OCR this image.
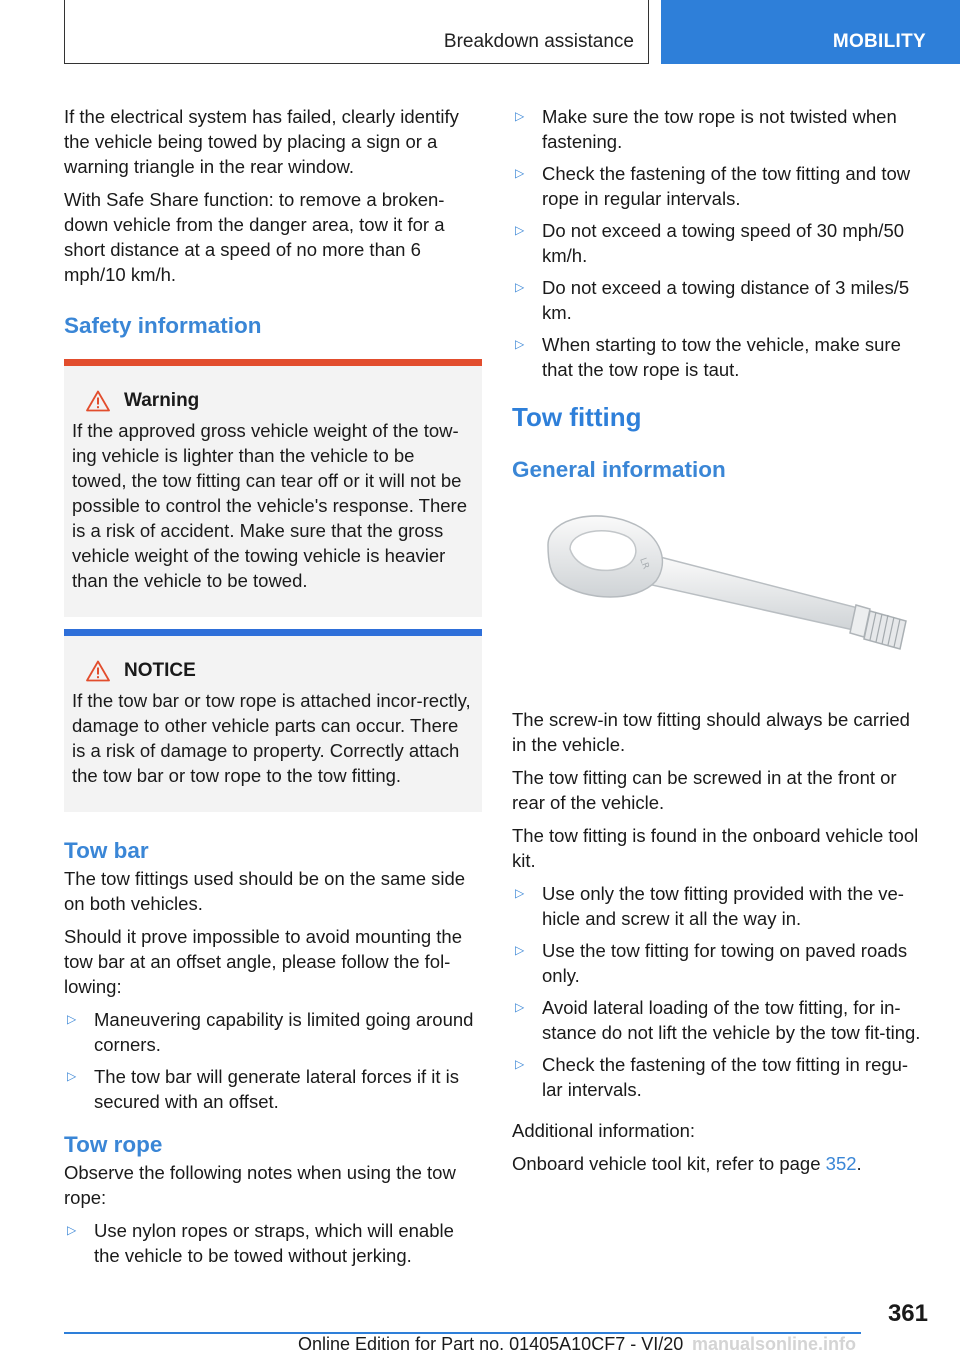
Breakdown assistance	MOBILITY

If the electrical system has failed, clearly identify the vehicle being towed by placing a sign or a warning triangle in the rear window.

With Safe Share function: to remove a broken-down vehicle from the danger area, tow it for a short distance at a speed of no more than 6 mph/10 km/h.

Safety information
Warning

If the approved gross vehicle weight of the tow-ing vehicle is lighter than the vehicle to be towed, the tow fitting can tear off or it will not be possible to control the vehicle's response. There is a risk of accident. Make sure that the gross vehicle weight of the towing vehicle is heavier than the vehicle to be towed.

NOTICE

If the tow bar or tow rope is attached incor-rectly, damage to other vehicle parts can occur. There is a risk of damage to property. Correctly attach the tow bar or tow rope to the tow fitting.

Tow bar

The tow fittings used should be on the same side on both vehicles.

Should it prove impossible to avoid mounting the tow bar at an offset angle, please follow the fol-lowing:

▷ Maneuvering capability is limited going around corners.
▷ The tow bar will generate lateral forces if it is secured with an offset.
Tow rope

Observe the following notes when using the tow rope:

▷ Use nylon ropes or straps, which will enable the vehicle to be towed without jerking.
▷ Make sure the tow rope is not twisted when fastening.
▷ Check the fastening of the tow fitting and tow rope in regular intervals.
▷ Do not exceed a towing speed of 30 mph/50 km/h.
▷ Do not exceed a towing distance of 3 miles/5 km.
▷ When starting to tow the vehicle, make sure that the tow rope is taut.
Tow fitting
General information
LR

The screw-in tow fitting should always be carried in the vehicle.

The tow fitting can be screwed in at the front or rear of the vehicle.

The tow fitting is found in the onboard vehicle tool kit.

▷ Use only the tow fitting provided with the ve-hicle and screw it all the way in.
▷ Use the tow fitting for towing on paved roads only.
▷ Avoid lateral loading of the tow fitting, for in-stance do not lift the vehicle by the tow fit-ting.
▷ Check the fastening of the tow fitting in regu-lar intervals.

Additional information:

Onboard vehicle tool kit, refer to page 352.

361
Online Edition for Part no. 01405A10CF7 - VI/20 manualsonline.info
